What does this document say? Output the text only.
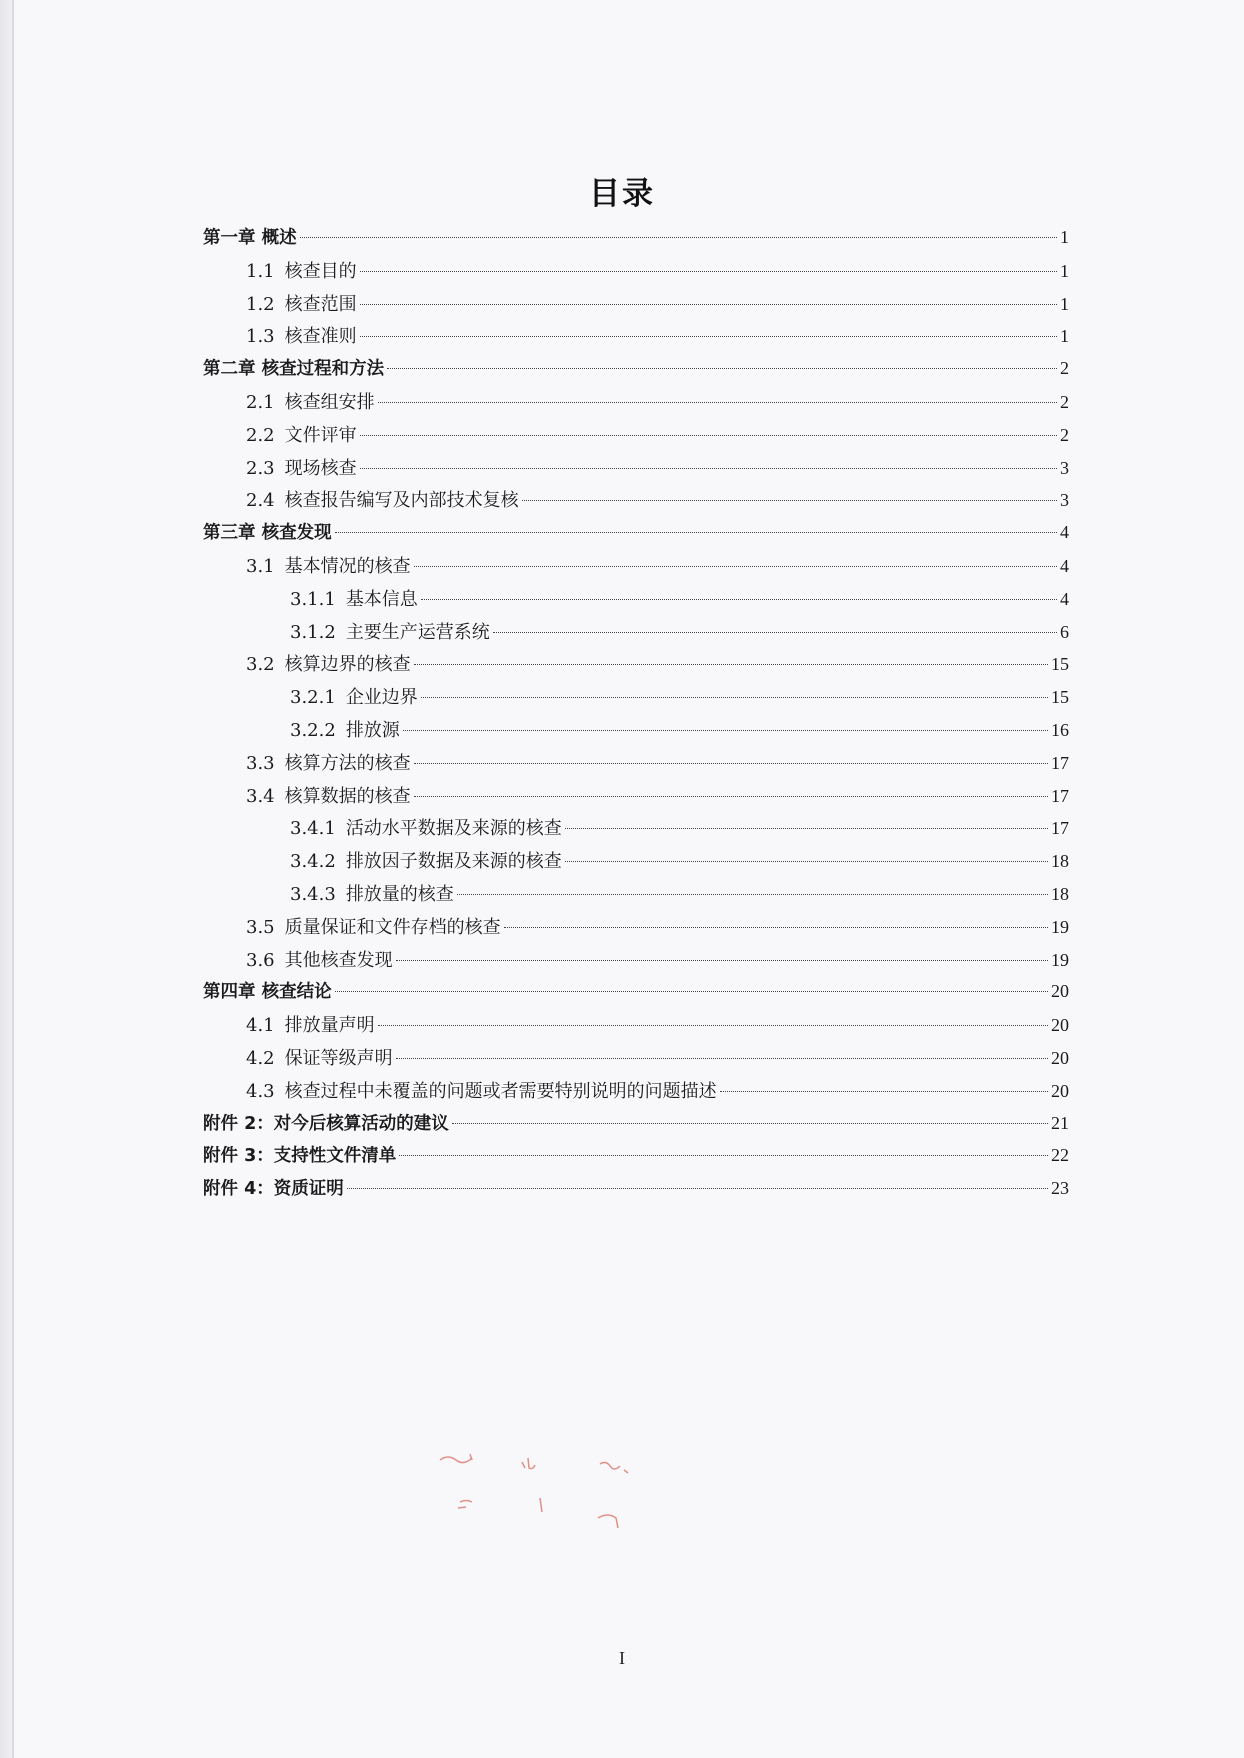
目录
第一章 概述	1
1.1 核查目的	1
1.2 核查范围	1
1.3 核查准则	1
第二章 核查过程和方法	2
2.1 核查组安排	2
2.2 文件评审	2
2.3 现场核查	3
2.4 核查报告编写及内部技术复核	3
第三章 核查发现	4
3.1 基本情况的核查	4
3.1.1 基本信息	4
3.1.2 主要生产运营系统	6
3.2 核算边界的核查	15
3.2.1 企业边界	15
3.2.2 排放源	16
3.3 核算方法的核查	17
3.4 核算数据的核查	17
3.4.1 活动水平数据及来源的核查	17
3.4.2 排放因子数据及来源的核查	18
3.4.3 排放量的核查	18
3.5 质量保证和文件存档的核查	19
3.6 其他核查发现	19
第四章 核查结论	20
4.1 排放量声明	20
4.2 保证等级声明	20
4.3 核查过程中未覆盖的问题或者需要特别说明的问题描述	20
附件 2：对今后核算活动的建议	21
附件 3：支持性文件清单	22
附件 4：资质证明	23
I
